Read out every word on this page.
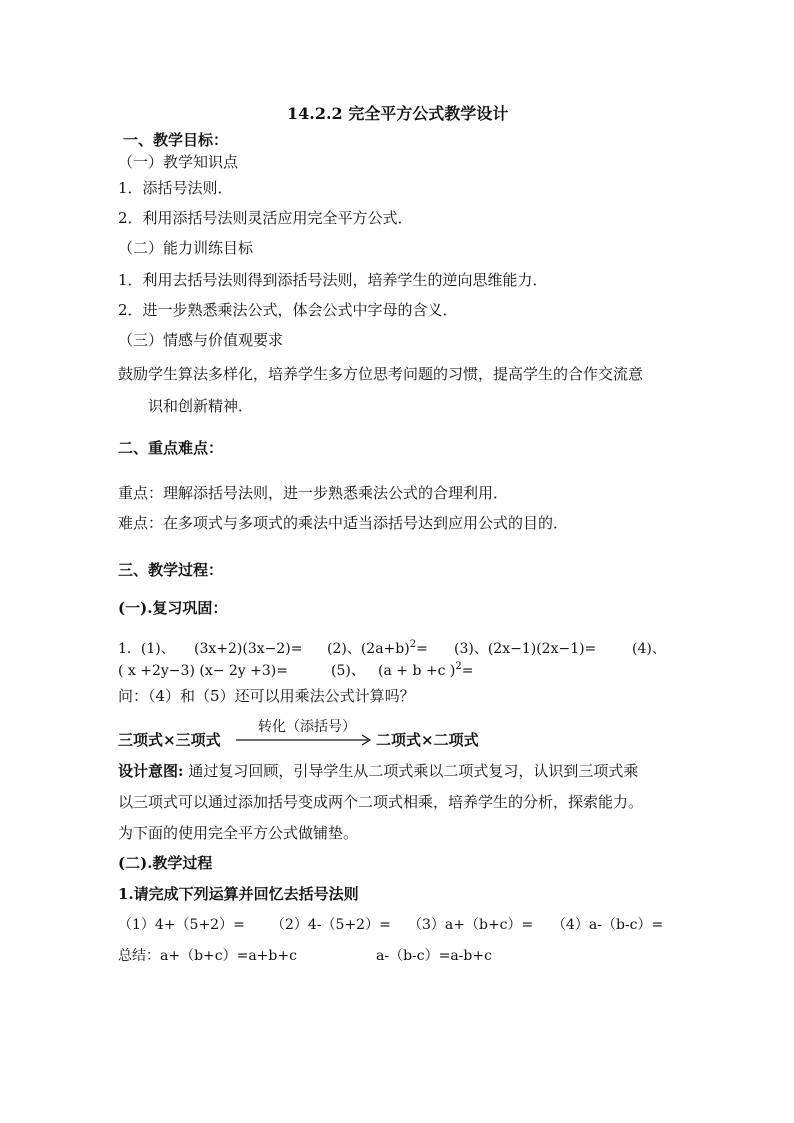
14.2.2 完全平方公式教学设计
一、教学目标：
（一）教学知识点
1．添括号法则．
2．利用添括号法则灵活应用完全平方公式．
（二）能力训练目标
1．利用去括号法则得到添括号法则，培养学生的逆向思维能力．
2．进一步熟悉乘法公式，体会公式中字母的含义．
（三）情感与价值观要求
鼓励学生算法多样化，培养学生多方位思考问题的习惯，提高学生的合作交流意
识和创新精神．
二、重点难点：
重点：理解添括号法则，进一步熟悉乘法公式的合理利用．
难点：在多项式与多项式的乘法中适当添括号达到应用公式的目的．
三、教学过程：
(一).复习巩固：
1．(1)、 (3x+2)(3x−2)= (2)、$(2a+b)^2= (3)$、(2x−1)(2x−1)=	(4)、
( x +2y−3) (x− 2y +3)=	(5)、 (a + b +c )$^2$=
问：（4）和（5）还可以用乘法公式计算吗？
三项式×三项式
转化（添括号）
二项式×二项式
设计意图: 通过复习回顾，引导学生从二项式乘以二项式复习，认识到三项式乘
以三项式可以通过添加括号变成两个二项式相乘，培养学生的分析，探索能力。
为下面的使用完全平方公式做铺垫。
(二).教学过程
1.请完成下列运算并回忆去括号法则
（1）4+（5+2）= （2）4-（5+2）= （3）a+（b+c）= （4）a-（b-c）=
总结：a+（b+c）=a+b+c	a-（b-c）=a-b+c
